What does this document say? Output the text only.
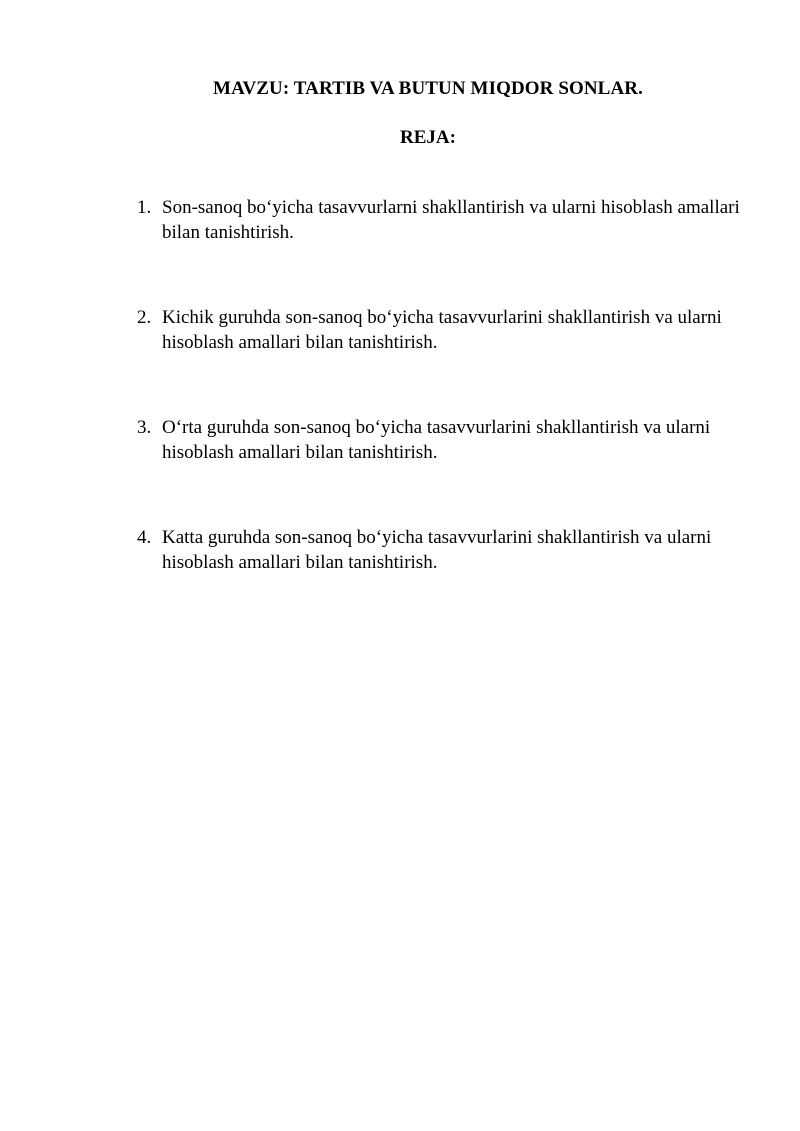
MAVZU: TARTIB VA BUTUN MIQDOR SONLAR.
REJA:
1. Son-sanoq bo‘yicha tasavvurlarni shakllantirish va ularni hisoblash amallari bilan tanishtirish.
2. Kichik guruhda son-sanoq bo‘yicha tasavvurlarini shakllantirish va ularni hisoblash amallari bilan tanishtirish.
3. O‘rta guruhda son-sanoq bo‘yicha tasavvurlarini shakllantirish va ularni hisoblash amallari bilan tanishtirish.
4. Katta guruhda son-sanoq bo‘yicha tasavvurlarini shakllantirish va ularni hisoblash amallari bilan tanishtirish.
